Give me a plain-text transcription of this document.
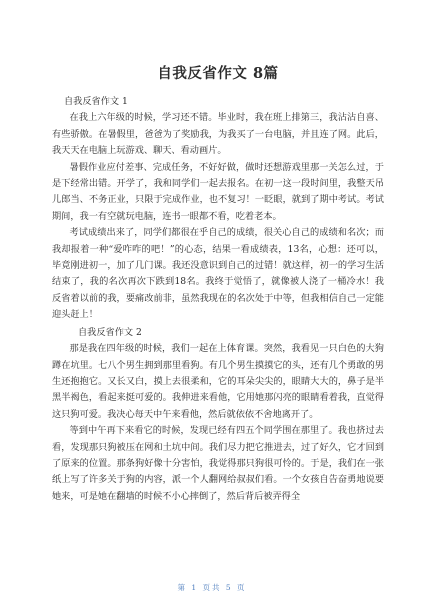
自我反省作文 8篇

自我反省作文 1

在我上六年级的时候，学习还不错。毕业时，我在班上排第三，我沾沾自喜、有些骄傲。在暑假里，爸爸为了奖励我，为我买了一台电脑，并且连了网。此后，我天天在电脑上玩游戏、聊天、看动画片。

暑假作业应付差事、完成任务，不好好做，做时还想游戏里那一关怎么过，于是下经常出错。开学了，我和同学们一起去报名。在初一这一段时间里，我整天吊儿郎当、不务正业，只限于完成作业，也不复习！一眨眼，就到了期中考试。考试期间，我一有空就玩电脑，连书一眼都不看，吃着老本。

考试成绩出来了，同学们都很在乎自己的成绩，很关心自己的成绩和名次；而我却报着一种“爱咋咋的吧！”的心态，结果一看成绩表，13名，心想：还可以，毕竟刚进初一，加了几门课。我还没意识到自己的过错！就这样，初一的学习生活结束了，我的名次再次下跌到18名。我终于觉悟了，就像被人浇了一桶冷水！我反省着以前的我，要痛改前非，虽然我现在的名次处于中等，但我相信自己一定能迎头赶上！

自我反省作文 2

那是我在四年级的时候，我们一起在上体育课。突然，我看见一只白色的大狗蹲在坑里。七八个男生拥到那里看狗。有几个男生摸摸它的头，还有几个勇敢的男生还抱抱它。又长又白，摸上去很柔和，它的耳朵尖尖的，眼睛大大的，鼻子是半黑半褐色，看起来挺可爱的。我伸进来看他，它用她那闪亮的眼睛看着我，直觉得这只狗可爱。我决心每天中午来看他，然后就依依不舍地离开了。

等到中午再下来看它的时候，发现已经有四五个同学围在那里了。我也挤过去看，发现那只狗被压在网和土坑中间。我们尽力把它推进去，过了好久，它才回到了原来的位置。那条狗好像十分害怕，我觉得那只狗很可怜的。于是，我们在一张纸上写了许多关于狗的内容，派一个人翻网给叔叔们看。一个女孩自告奋勇地说要她来，可是她在翻墙的时候不小心摔倒了，然后背后被弄得全

第 1 页共 5 页
